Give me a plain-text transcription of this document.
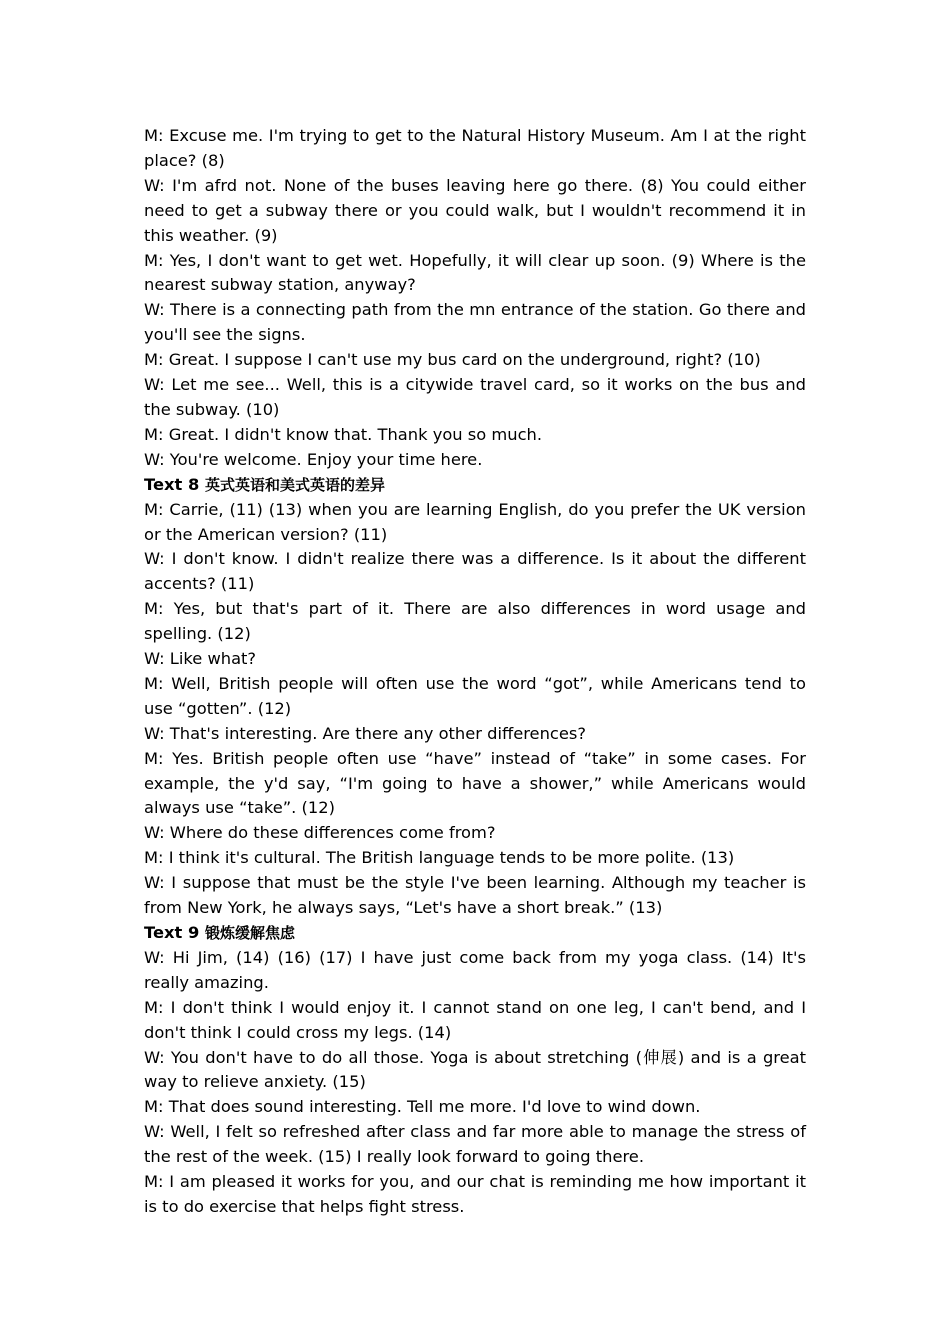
M: Excuse me. I'm trying to get to the Natural History Museum. Am I at the right place? (8)

W: I'm afrd not. None of the buses leaving here go there. (8) You could either need to get a subway there or you could walk, but I wouldn't recommend it in this weather. (9)

M: Yes, I don't want to get wet. Hopefully, it will clear up soon. (9) Where is the nearest subway station, anyway?

W: There is a connecting path from the mn entrance of the station. Go there and you'll see the signs.

M: Great. I suppose I can't use my bus card on the underground, right? (10)

W: Let me see... Well, this is a citywide travel card, so it works on the bus and the subway. (10)

M: Great. I didn't know that. Thank you so much.

W: You're welcome. Enjoy your time here.

Text 8 英式英语和美式英语的差异

M: Carrie, (11) (13) when you are learning English, do you prefer the UK version or the American version? (11)

W: I don't know. I didn't realize there was a difference. Is it about the different accents? (11)

M: Yes, but that's part of it. There are also differences in word usage and spelling. (12)

W: Like what?

M: Well, British people will often use the word “got”, while Americans tend to use “gotten”. (12)

W: That's interesting. Are there any other differences?

M: Yes. British people often use “have” instead of “take” in some cases. For example, the y'd say, “I'm going to have a shower,” while Americans would always use “take”. (12)

W: Where do these differences come from?

M: I think it's cultural. The British language tends to be more polite. (13)

W: I suppose that must be the style I've been learning. Although my teacher is from New York, he always says, “Let's have a short break.” (13)

Text 9 锻炼缓解焦虑

W: Hi Jim, (14) (16) (17) I have just come back from my yoga class. (14) It's really amazing.

M: I don't think I would enjoy it. I cannot stand on one leg, I can't bend, and I don't think I could cross my legs. (14)

W: You don't have to do all those. Yoga is about stretching (伸展) and is a great way to relieve anxiety. (15)

M: That does sound interesting. Tell me more. I'd love to wind down.

W: Well, I felt so refreshed after class and far more able to manage the stress of the rest of the week. (15) I really look forward to going there.

M: I am pleased it works for you, and our chat is reminding me how important it is to do exercise that helps fight stress.
